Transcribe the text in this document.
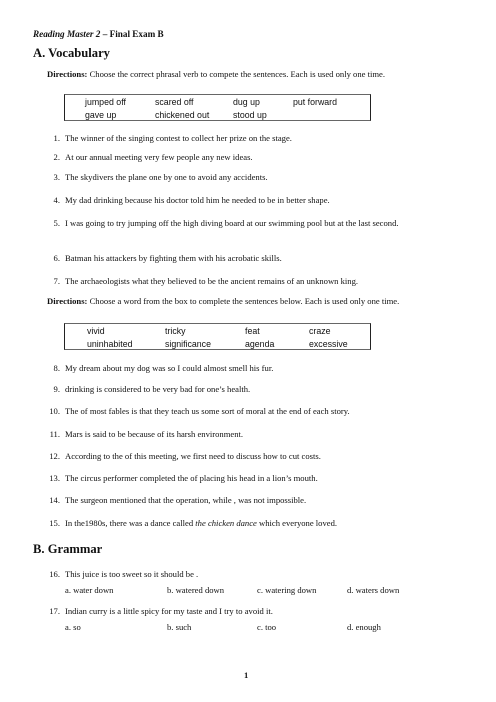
Reading Master 2 – Final Exam B
A. Vocabulary
Directions: Choose the correct phrasal verb to compete the sentences. Each is used only one time.
jumped off	scared off	dug up	put forward
gave up	chickened out	stood up
1. The winner of the singing contest to collect her prize on the stage.
2. At our annual meeting very few people any new ideas.
3. The skydivers the plane one by one to avoid any accidents.
4. My dad drinking because his doctor told him he needed to be in better shape.
5. I was going to try jumping off the high diving board at our swimming pool but at the last second.
6. Batman his attackers by fighting them with his acrobatic skills.
7. The archaeologists what they believed to be the ancient remains of an unknown king.
Directions: Choose a word from the box to complete the sentences below. Each is used only one time.
vivid	tricky	feat	craze
uninhabited	significance	agenda	excessive
8. My dream about my dog was so I could almost smell his fur.
9. drinking is considered to be very bad for one’s health.
10. The of most fables is that they teach us some sort of moral at the end of each story.
11. Mars is said to be because of its harsh environment.
12. According to the of this meeting, we first need to discuss how to cut costs.
13. The circus performer completed the of placing his head in a lion’s mouth.
14. The surgeon mentioned that the operation, while , was not impossible.
15. In the1980s, there was a dance called the chicken dance which everyone loved.
B. Grammar
16. This juice is too sweet so it should be .
a. water down	b. watered down	c. watering down	d. waters down
17. Indian curry is a little spicy for my taste and I try to avoid it.
a. so	b. such	c. too	d. enough
1
